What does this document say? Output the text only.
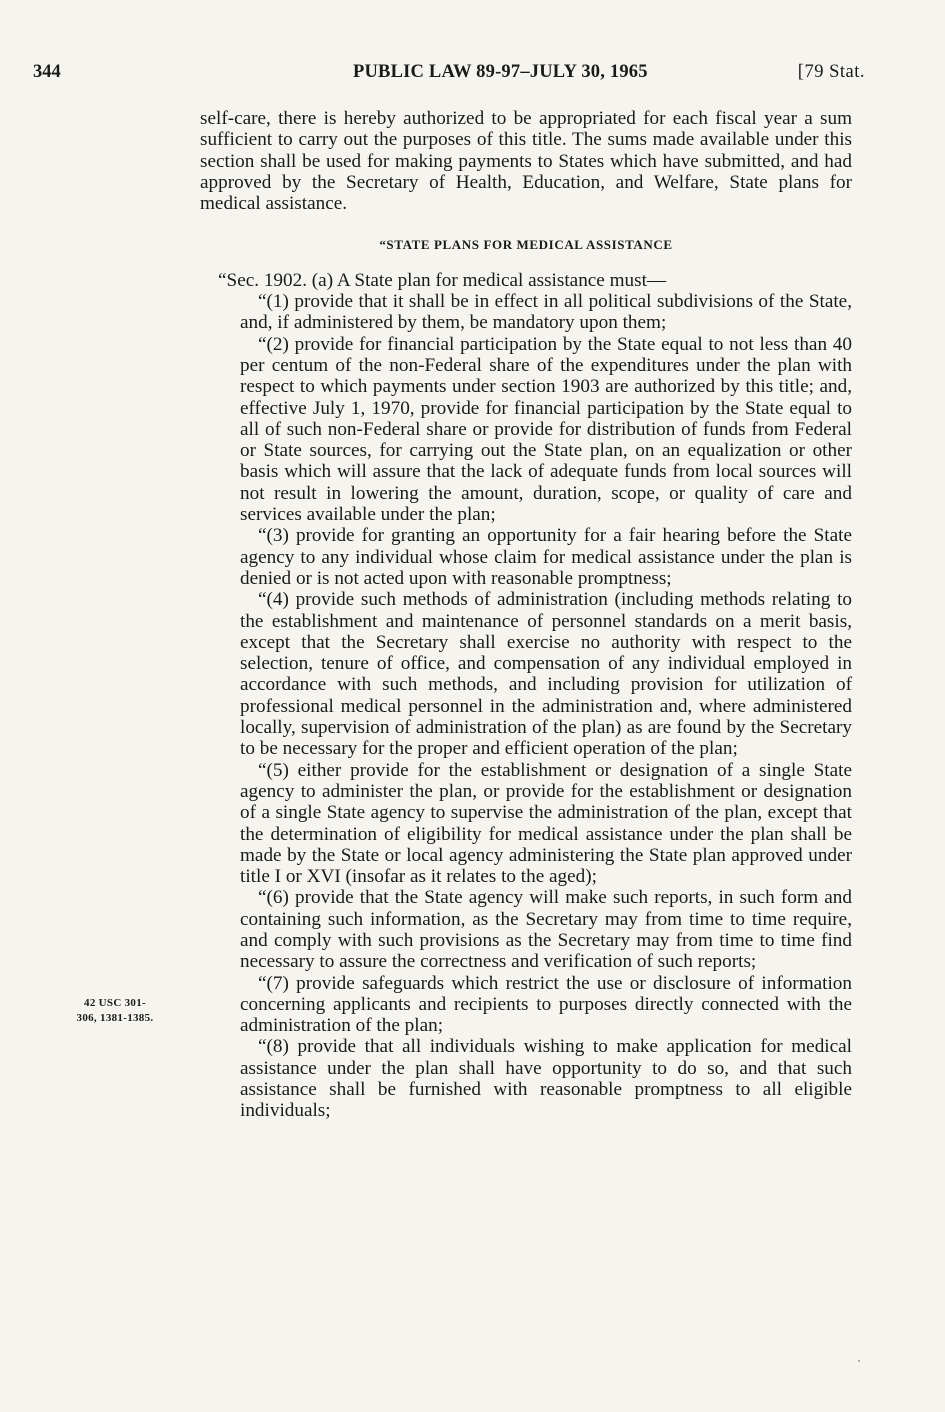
344	PUBLIC LAW 89-97–JULY 30, 1965	[79 Stat.
42 USC 301-
306, 1381-1385.

self-care, there is hereby authorized to be appropriated for each fiscal year a sum sufficient to carry out the purposes of this title. The sums made available under this section shall be used for making payments to States which have submitted, and had approved by the Secretary of Health, Education, and Welfare, State plans for medical assistance.

“STATE PLANS FOR MEDICAL ASSISTANCE

“Sec. 1902. (a) A State plan for medical assistance must—

“(1) provide that it shall be in effect in all political subdivisions of the State, and, if administered by them, be mandatory upon them;

“(2) provide for financial participation by the State equal to not less than 40 per centum of the non-Federal share of the expenditures under the plan with respect to which payments under section 1903 are authorized by this title; and, effective July 1, 1970, provide for financial participation by the State equal to all of such non-Federal share or provide for distribution of funds from Federal or State sources, for carrying out the State plan, on an equalization or other basis which will assure that the lack of adequate funds from local sources will not result in lowering the amount, duration, scope, or quality of care and services available under the plan;

“(3) provide for granting an opportunity for a fair hearing before the State agency to any individual whose claim for medical assistance under the plan is denied or is not acted upon with reasonable promptness;

“(4) provide such methods of administration (including methods relating to the establishment and maintenance of personnel standards on a merit basis, except that the Secretary shall exercise no authority with respect to the selection, tenure of office, and compensation of any individual employed in accordance with such methods, and including provision for utilization of professional medical personnel in the administration and, where administered locally, supervision of administration of the plan) as are found by the Secretary to be necessary for the proper and efficient operation of the plan;

“(5) either provide for the establishment or designation of a single State agency to administer the plan, or provide for the establishment or designation of a single State agency to supervise the administration of the plan, except that the determination of eligibility for medical assistance under the plan shall be made by the State or local agency administering the State plan approved under title I or XVI (insofar as it relates to the aged);

“(6) provide that the State agency will make such reports, in such form and containing such information, as the Secretary may from time to time require, and comply with such provisions as the Secretary may from time to time find necessary to assure the correctness and verification of such reports;

“(7) provide safeguards which restrict the use or disclosure of information concerning applicants and recipients to purposes directly connected with the administration of the plan;

“(8) provide that all individuals wishing to make application for medical assistance under the plan shall have opportunity to do so, and that such assistance shall be furnished with reasonable promptness to all eligible individuals;
